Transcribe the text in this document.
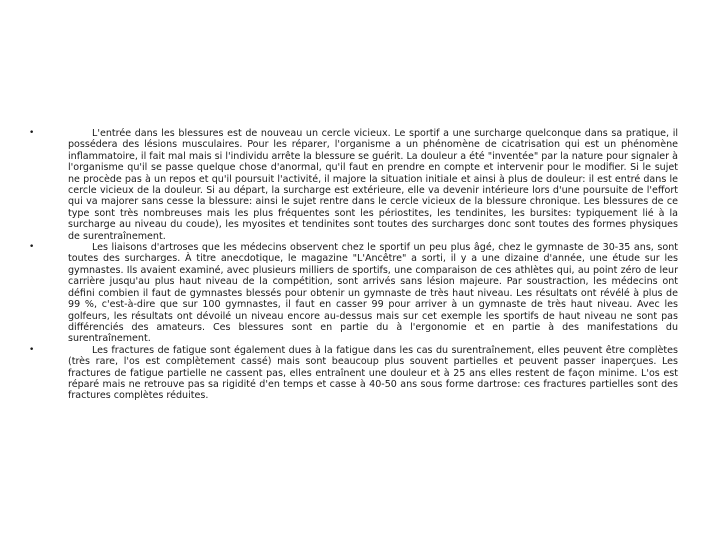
•	L'entrée dans les blessures est de nouveau un cercle vicieux. Le sportif a une surcharge quelconque dans sa pratique, il possédera des lésions musculaires. Pour les réparer, l'organisme a un phénomène de cicatrisation qui est un phénomène inflammatoire, il fait mal mais si l'individu arrête la blessure se guérit. La douleur a été "inventée" par la nature pour signaler à l'organisme qu'il se passe quelque chose d'anormal, qu'il faut en prendre en compte et intervenir pour le modifier. Si le sujet ne procède pas à un repos et qu'il poursuit l'activité, il majore la situation initiale et ainsi à plus de douleur: il est entré dans le cercle vicieux de la douleur. Si au départ, la surcharge est extérieure, elle va devenir intérieure lors d'une poursuite de l'effort qui va majorer sans cesse la blessure: ainsi le sujet rentre dans le cercle vicieux de la blessure chronique. Les blessures de ce type sont très nombreuses mais les plus fréquentes sont les périostites, les tendinites, les bursites: typiquement lié à la surcharge au niveau du coude), les myosites et tendinites sont toutes des surcharges donc sont toutes des formes physiques de surentraînement.
•	Les liaisons d'artroses que les médecins observent chez le sportif un peu plus âgé, chez le gymnaste de 30-35 ans, sont toutes des surcharges. À titre anecdotique, le magazine "L'Ancêtre" a sorti, il y a une dizaine d'année, une étude sur les gymnastes. Ils avaient examiné, avec plusieurs milliers de sportifs, une comparaison de ces athlètes qui, au point zéro de leur carrière jusqu'au plus haut niveau de la compétition, sont arrivés sans lésion majeure. Par soustraction, les médecins ont défini combien il faut de gymnastes blessés pour obtenir un gymnaste de très haut niveau. Les résultats ont révélé à plus de 99 %, c'est-à-dire que sur 100 gymnastes, il faut en casser 99 pour arriver à un gymnaste de très haut niveau. Avec les golfeurs, les résultats ont dévoilé un niveau encore au-dessus mais sur cet exemple les sportifs de haut niveau ne sont pas différenciés des amateurs. Ces blessures sont en partie du à l'ergonomie et en partie à des manifestations du surentraînement.
•	Les fractures de fatigue sont également dues à la fatigue dans les cas du surentraînement, elles peuvent être complètes (très rare, l'os est complètement cassé) mais sont beaucoup plus souvent partielles et peuvent passer inaperçues. Les fractures de fatigue partielle ne cassent pas, elles entraînent une douleur et à 25 ans elles restent de façon minime. L'os est réparé mais ne retrouve pas sa rigidité d'en temps et casse à 40-50 ans sous forme dartrose: ces fractures partielles sont des fractures complètes réduites.
